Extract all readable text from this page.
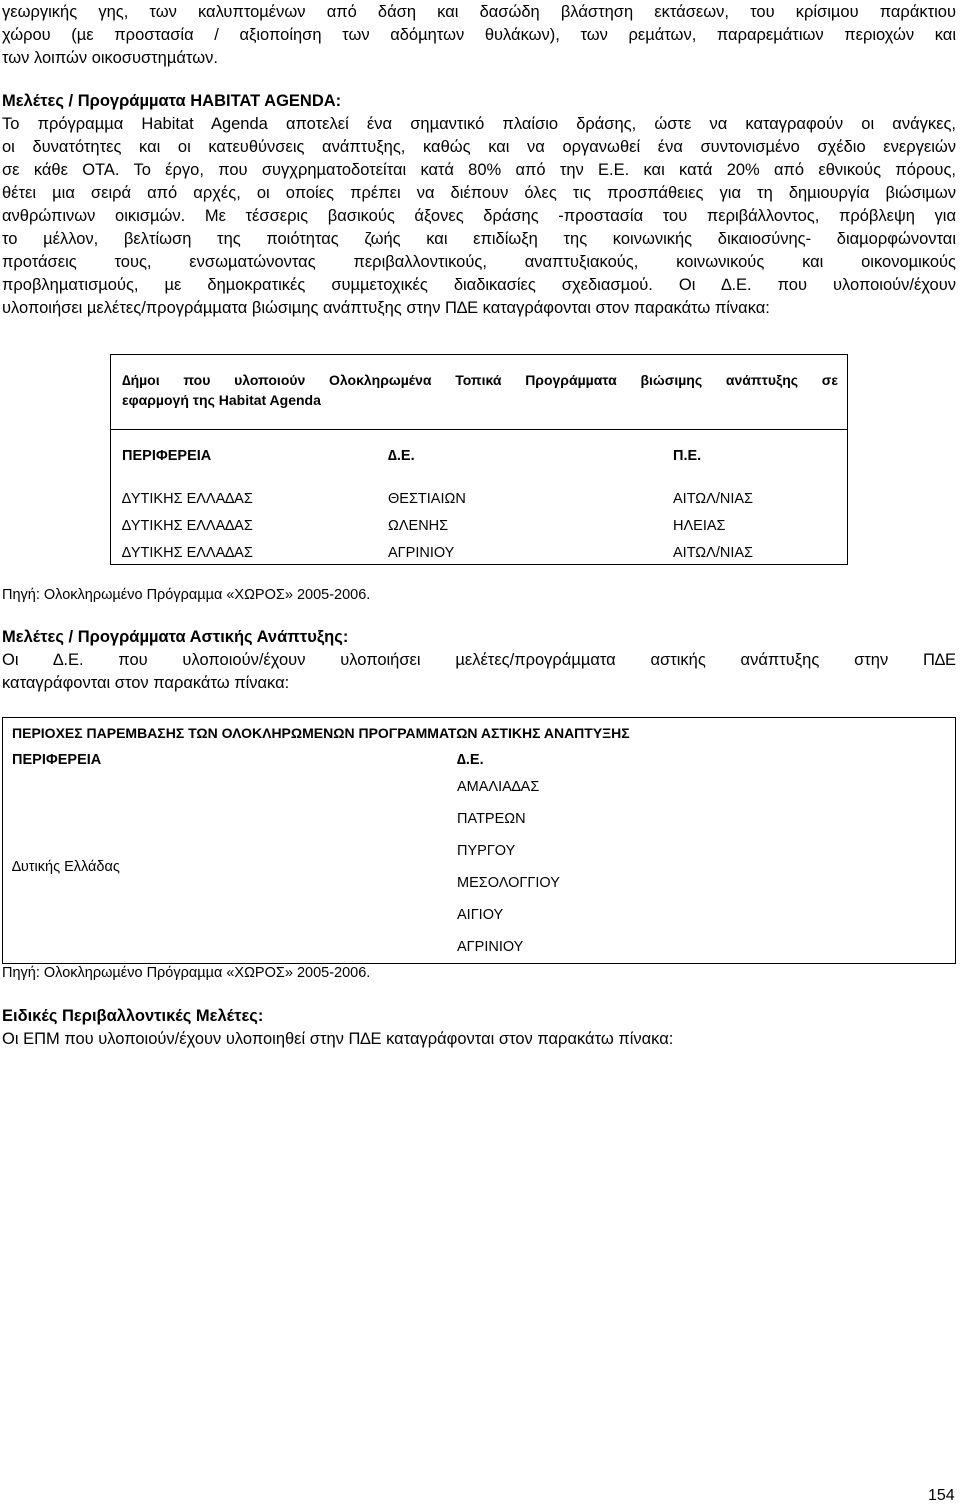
γεωργικής γης, των καλυπτοµένων από δάση και δασώδη βλάστηση εκτάσεων, του κρίσιµου παράκτιου
χώρου (µε προστασία / αξιοποίηση των αδόµητων θυλάκων), των ρεµάτων, παραρεµάτιων περιοχών και
των λοιπών οικοσυστηµάτων.
Μελέτες / Προγράµµατα HABITAT AGENDA:
Το πρόγραµµα Habitat Agenda αποτελεί ένα σηµαντικό πλαίσιο δράσης, ώστε να καταγραφούν οι ανάγκες,
οι δυνατότητες και οι κατευθύνσεις ανάπτυξης, καθώς και να οργανωθεί ένα συντονισµένο σχέδιο ενεργειών
σε κάθε ΟΤΑ. Το έργο, που συγχρηµατοδοτείται κατά 80% από την Ε.Ε. και κατά 20% από εθνικούς πόρους,
θέτει µια σειρά από αρχές, οι οποίες πρέπει να διέπουν όλες τις προσπάθειες για τη δηµιουργία βιώσιµων
ανθρώπινων οικισµών. Με τέσσερις βασικούς άξονες δράσης -προστασία του περιβάλλοντος, πρόβλεψη για
το µέλλον, βελτίωση της ποιότητας ζωής και επιδίωξη της κοινωνικής δικαιοσύνης- διαµορφώνονται
προτάσεις τους, ενσωµατώνοντας περιβαλλοντικούς, αναπτυξιακούς, κοινωνικούς και οικονοµικούς
προβληµατισµούς, µε δηµοκρατικές συµµετοχικές διαδικασίες σχεδιασµού. Οι ∆.Ε. που υλοποιούν/έχουν
υλοποιήσει µελέτες/προγράµµατα βιώσιµης ανάπτυξης στην Π∆Ε καταγράφονται στον παρακάτω πίνακα:
∆ήµοι που υλοποιούν Ολοκληρωµένα Τοπικά Προγράµµατα βιώσιµης ανάπτυξης σε
εφαρµογή της Habitat Agenda
ΠΕΡΙΦΕΡΕΙΑ	∆.Ε.	Π.Ε.
∆ΥΤΙΚΗΣ ΕΛΛΑ∆ΑΣ	ΘΕΣΤΙΑΙΩΝ	ΑΙΤΩΛ/ΝΙΑΣ
∆ΥΤΙΚΗΣ ΕΛΛΑ∆ΑΣ	ΩΛΕΝΗΣ	ΗΛΕΙΑΣ
∆ΥΤΙΚΗΣ ΕΛΛΑ∆ΑΣ	ΑΓΡΙΝΙΟΥ	ΑΙΤΩΛ/ΝΙΑΣ
Πηγή: Ολοκληρωµένο Πρόγραµµα «ΧΩΡΟΣ» 2005-2006.
Μελέτες / Προγράµµατα Αστικής Ανάπτυξης:
Οι ∆.Ε. που υλοποιούν/έχουν υλοποιήσει µελέτες/προγράµµατα αστικής ανάπτυξης στην Π∆Ε
καταγράφονται στον παρακάτω πίνακα:
ΠΕΡΙΟΧΕΣ ΠΑΡΕΜΒΑΣΗΣ ΤΩΝ ΟΛΟΚΛΗΡΩΜΕΝΩΝ ΠΡΟΓΡΑΜΜΑΤΩΝ ΑΣΤΙΚΗΣ ΑΝΑΠΤΥΞΗΣ
ΠΕΡΙΦΕΡΕΙΑ	∆.Ε.
∆υτικής Ελλάδας
ΑΜΑΛΙΑ∆ΑΣ
ΠΑΤΡΕΩΝ
ΠΥΡΓΟΥ
ΜΕΣΟΛΟΓΓΙΟΥ
ΑΙΓΙΟΥ
ΑΓΡΙΝΙΟΥ
Πηγή: Ολοκληρωµένο Πρόγραµµα «ΧΩΡΟΣ» 2005-2006.
Ειδικές Περιβαλλοντικές Μελέτες:
Οι ΕΠΜ που υλοποιούν/έχουν υλοποιηθεί στην Π∆Ε καταγράφονται στον παρακάτω πίνακα:
154
